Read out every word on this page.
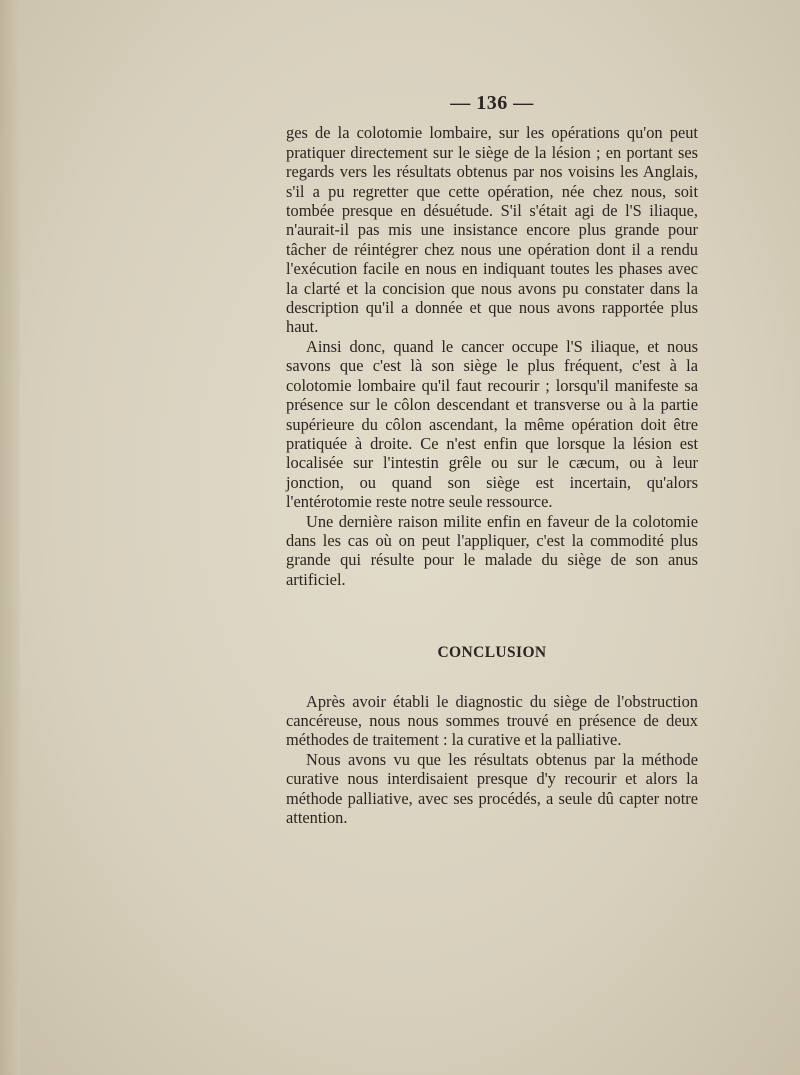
— 136 —

ges de la colotomie lombaire, sur les opérations qu'on peut pratiquer directement sur le siège de la lésion ; en portant ses regards vers les résultats obtenus par nos voisins les Anglais, s'il a pu regretter que cette opération, née chez nous, soit tombée presque en désuétude. S'il s'était agi de l'S iliaque, n'aurait-il pas mis une insistance encore plus grande pour tâcher de réintégrer chez nous une opération dont il a rendu l'exécution facile en nous en indiquant toutes les phases avec la clarté et la concision que nous avons pu constater dans la description qu'il a donnée et que nous avons rapportée plus haut.

Ainsi donc, quand le cancer occupe l'S iliaque, et nous savons que c'est là son siège le plus fréquent, c'est à la colotomie lombaire qu'il faut recourir ; lorsqu'il manifeste sa présence sur le côlon descendant et transverse ou à la partie supérieure du côlon ascendant, la même opération doit être pratiquée à droite. Ce n'est enfin que lorsque la lésion est localisée sur l'intestin grêle ou sur le cæcum, ou à leur jonction, ou quand son siège est incertain, qu'alors l'entérotomie reste notre seule ressource.

Une dernière raison milite enfin en faveur de la colotomie dans les cas où on peut l'appliquer, c'est la commodité plus grande qui résulte pour le malade du siège de son anus artificiel.

CONCLUSION

Après avoir établi le diagnostic du siège de l'obstruction cancéreuse, nous nous sommes trouvé en présence de deux méthodes de traitement : la curative et la palliative.

Nous avons vu que les résultats obtenus par la méthode curative nous interdisaient presque d'y recourir et alors la méthode palliative, avec ses procédés, a seule dû capter notre attention.
